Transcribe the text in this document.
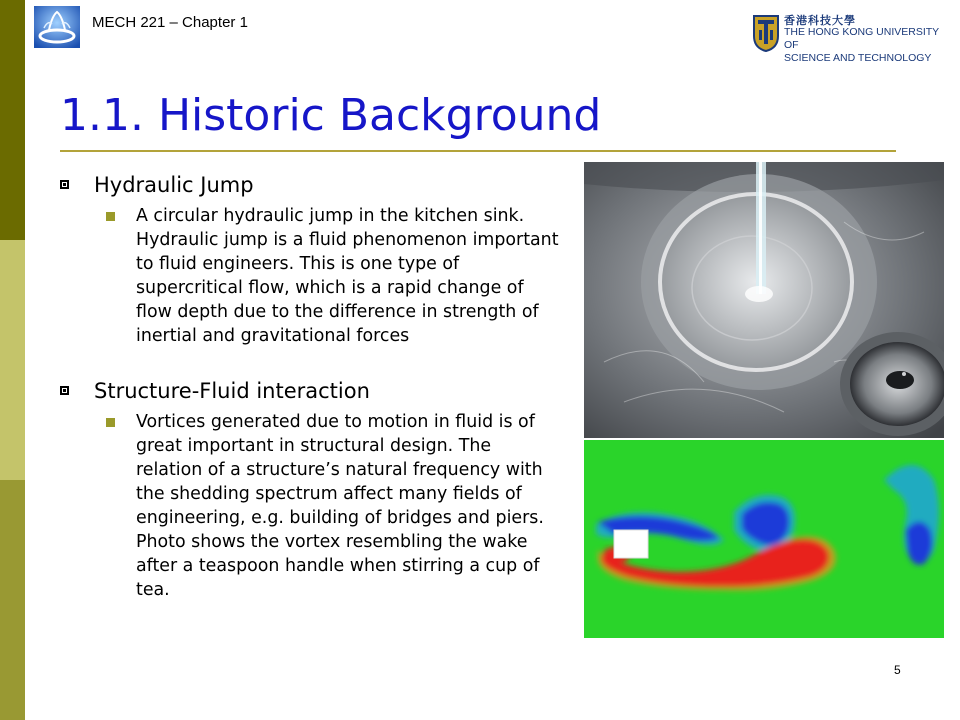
MECH 221 – Chapter 1	香港科技大學
THE HONG KONG UNIVERSITY OF
SCIENCE AND TECHNOLOGY
1.1. Historic Background
Hydraulic Jump
A circular hydraulic jump in the kitchen sink. Hydraulic jump is a fluid phenomenon important to fluid engineers. This is one type of supercritical flow, which is a rapid change of flow depth due to the difference in strength of inertial and gravitational forces
Structure-Fluid interaction
Vortices generated due to motion in fluid is of great important in structural design. The relation of a structure’s natural frequency with the shedding spectrum affect many fields of engineering, e.g. building of bridges and piers. Photo shows the vortex resembling the wake after a teaspoon handle when stirring a cup of tea.
5
